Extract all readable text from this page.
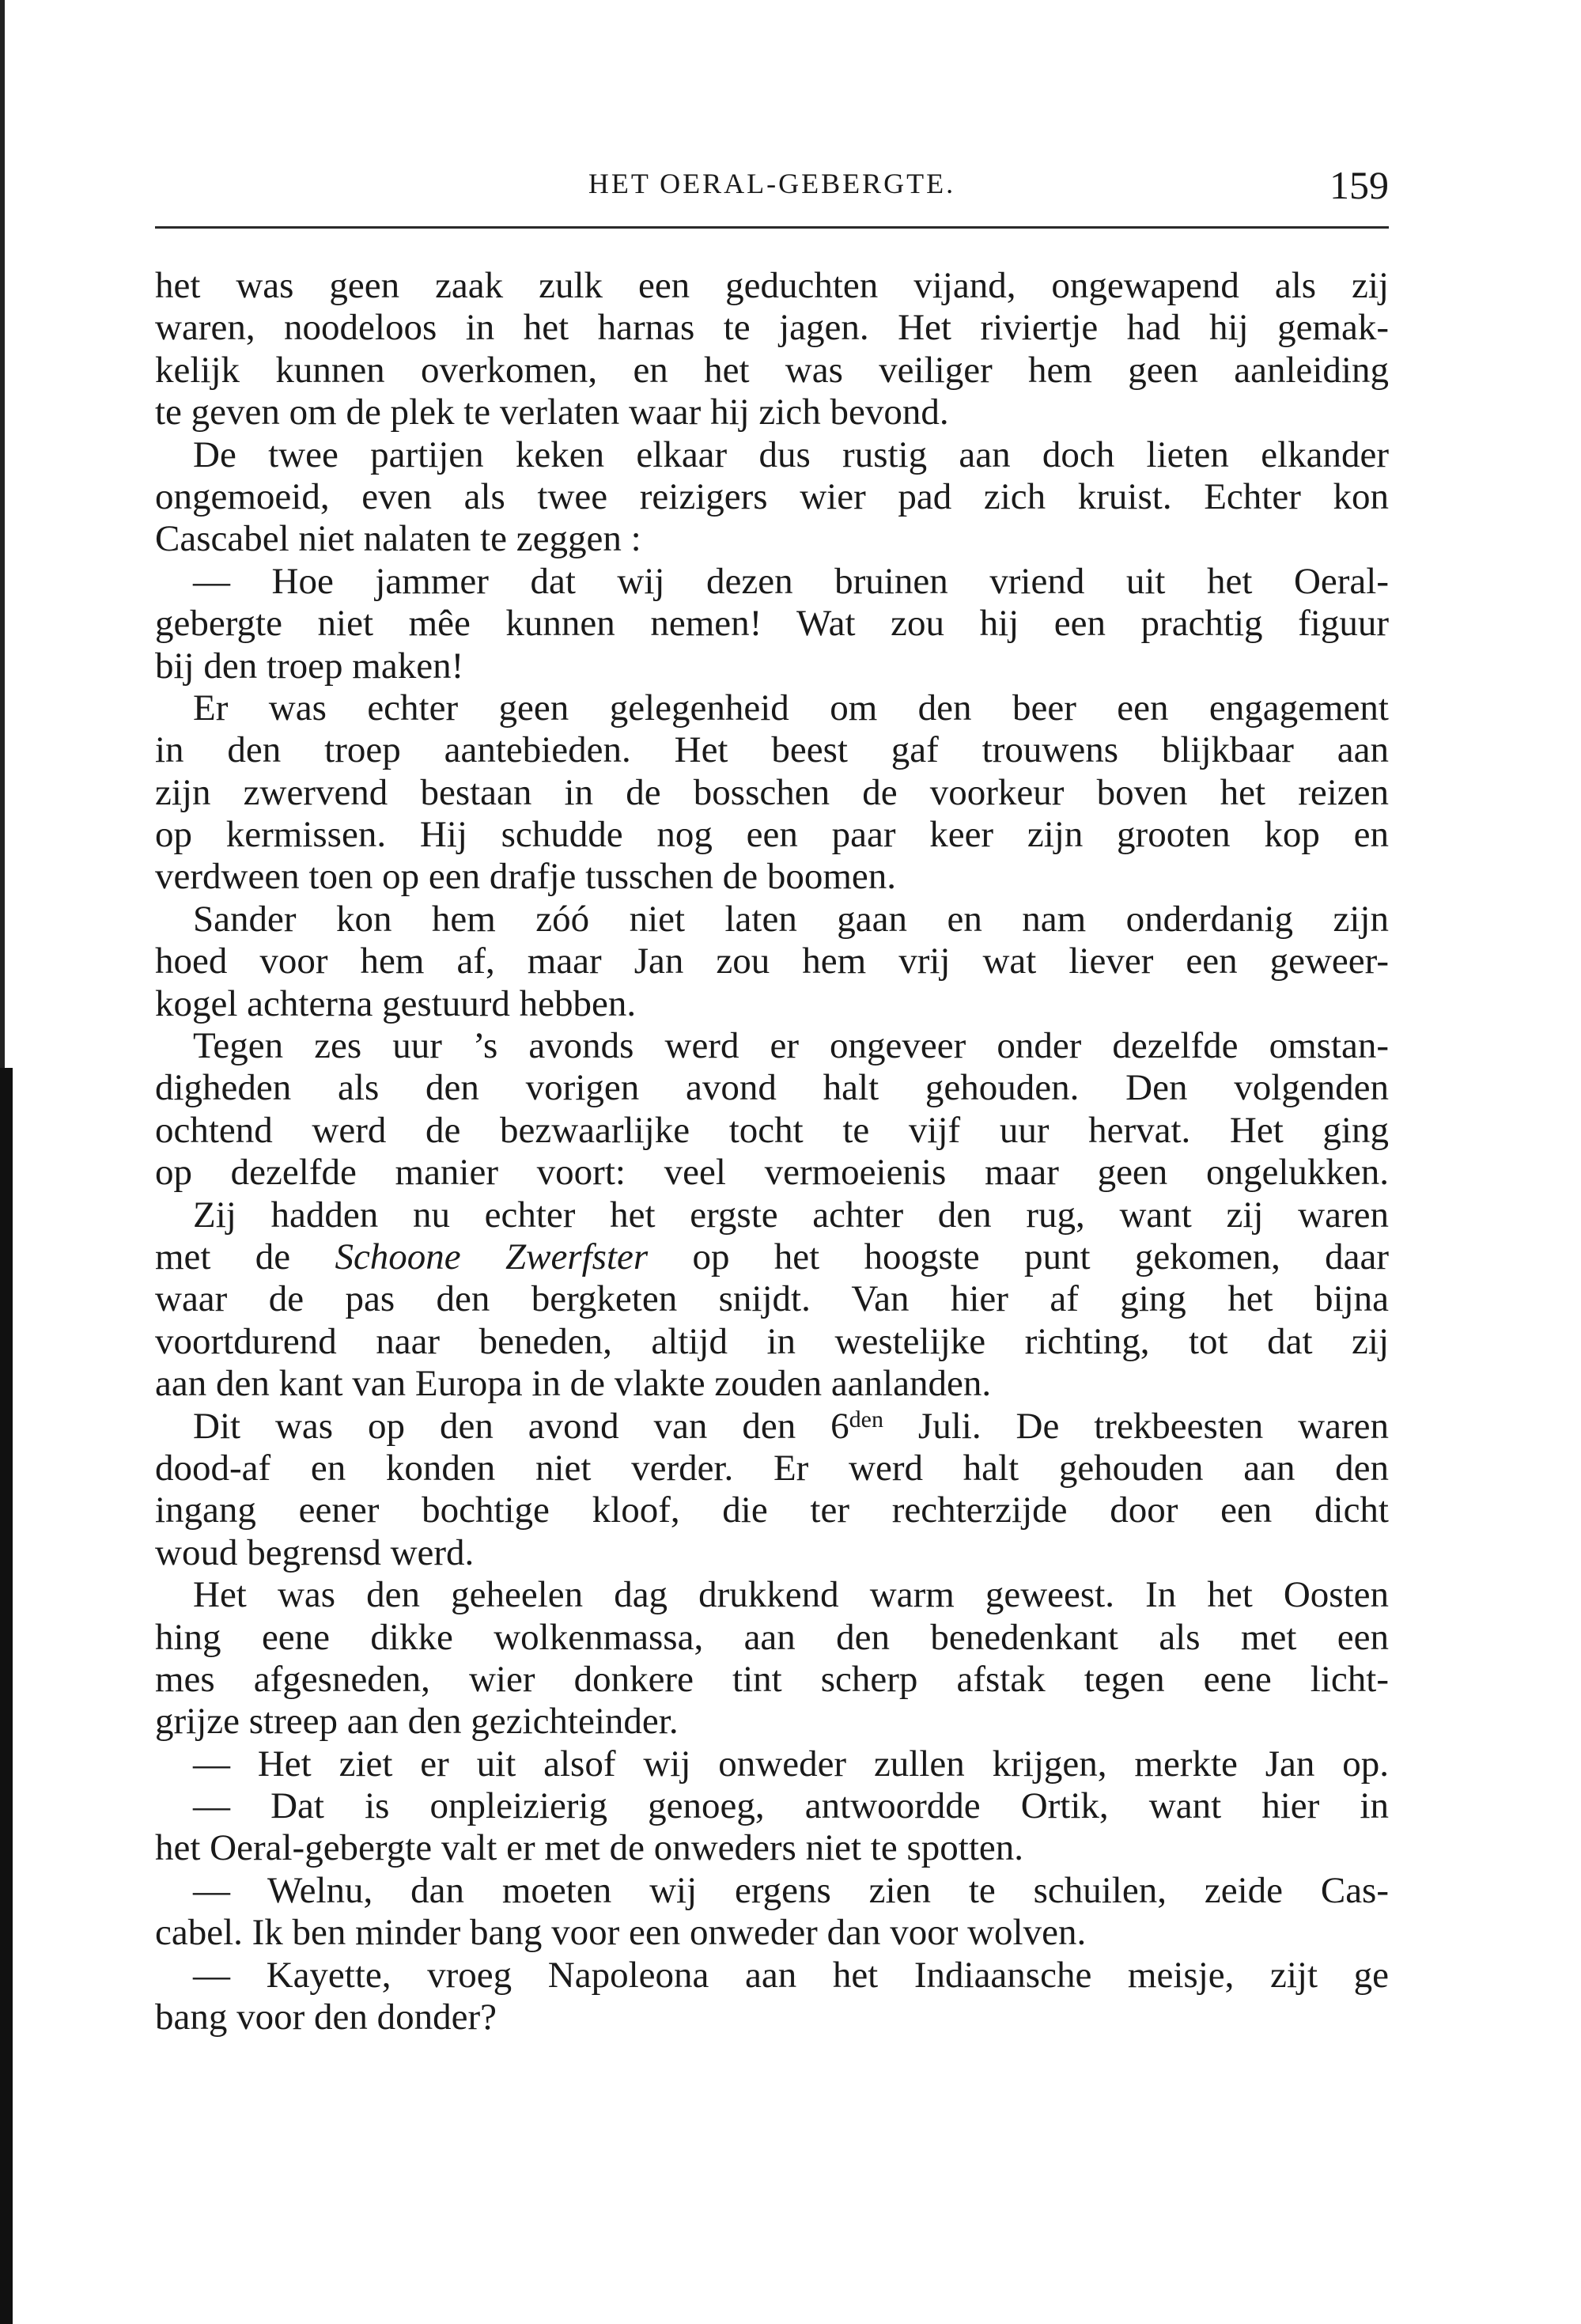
HET OERAL-GEBERGTE.	159
het was geen zaak zulk een geduchten vijand, ongewapend als zij
waren, noodeloos in het harnas te jagen. Het riviertje had hij gemak-
kelijk kunnen overkomen, en het was veiliger hem geen aanleiding
te geven om de plek te verlaten waar hij zich bevond.
De twee partijen keken elkaar dus rustig aan doch lieten elkander
ongemoeid, even als twee reizigers wier pad zich kruist. Echter kon
Cascabel niet nalaten te zeggen :
— Hoe jammer dat wij dezen bruinen vriend uit het Oeral-
gebergte niet mêe kunnen nemen! Wat zou hij een prachtig figuur
bij den troep maken!
Er was echter geen gelegenheid om den beer een engagement
in den troep aantebieden. Het beest gaf trouwens blijkbaar aan
zijn zwervend bestaan in de bosschen de voorkeur boven het reizen
op kermissen. Hij schudde nog een paar keer zijn grooten kop en
verdween toen op een drafje tusschen de boomen.
Sander kon hem zóó niet laten gaan en nam onderdanig zijn
hoed voor hem af, maar Jan zou hem vrij wat liever een geweer-
kogel achterna gestuurd hebben.
Tegen zes uur ’s avonds werd er ongeveer onder dezelfde omstan-
digheden als den vorigen avond halt gehouden. Den volgenden
ochtend werd de bezwaarlijke tocht te vijf uur hervat. Het ging
op dezelfde manier voort: veel vermoeienis maar geen ongelukken.
Zij hadden nu echter het ergste achter den rug, want zij waren
met de Schoone Zwerfster op het hoogste punt gekomen, daar
waar de pas den bergketen snijdt. Van hier af ging het bijna
voortdurend naar beneden, altijd in westelijke richting, tot dat zij
aan den kant van Europa in de vlakte zouden aanlanden.
Dit was op den avond van den $6^{den}$ Juli. De trekbeesten waren
dood-af en konden niet verder. Er werd halt gehouden aan den
ingang eener bochtige kloof, die ter rechterzijde door een dicht
woud begrensd werd.
Het was den geheelen dag drukkend warm geweest. In het Oosten
hing eene dikke wolkenmassa, aan den benedenkant als met een
mes afgesneden, wier donkere tint scherp afstak tegen eene licht-
grijze streep aan den gezichteinder.
— Het ziet er uit alsof wij onweder zullen krijgen, merkte Jan op.
— Dat is onpleizierig genoeg, antwoordde Ortik, want hier in
het Oeral-gebergte valt er met de onweders niet te spotten.
— Welnu, dan moeten wij ergens zien te schuilen, zeide Cas-
cabel. Ik ben minder bang voor een onweder dan voor wolven.
— Kayette, vroeg Napoleona aan het Indiaansche meisje, zijt ge
bang voor den donder?
